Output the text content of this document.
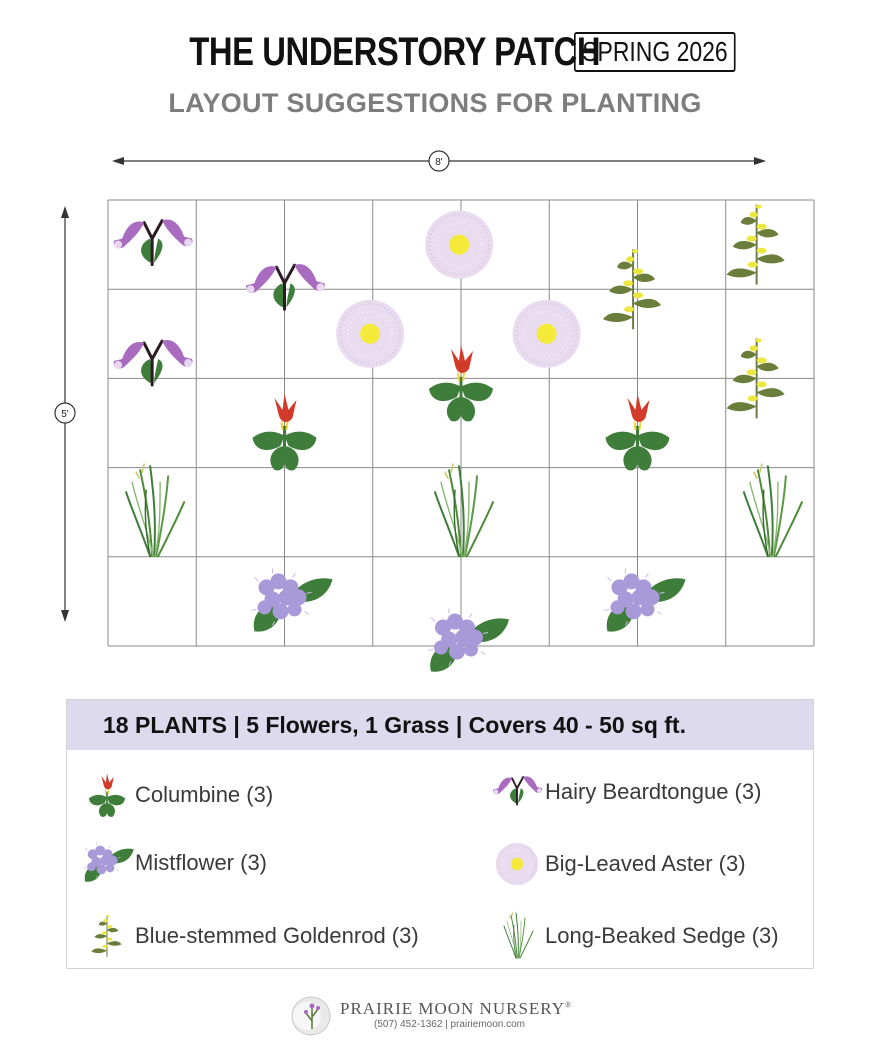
THE UNDERSTORY PATCH
SPRING 2026
LAYOUT SUGGESTIONS FOR PLANTING
8'
5'
18 PLANTS | 5 Flowers, 1 Grass | Covers 40 - 50 sq ft.
Columbine (3)	Hairy Beardtongue (3)
Mistflower (3)	Big-Leaved Aster (3)
Blue-stemmed Goldenrod (3)	Long-Beaked Sedge (3)
PRAIRIE MOON NURSERY®
(507) 452-1362 | prairiemoon.com
